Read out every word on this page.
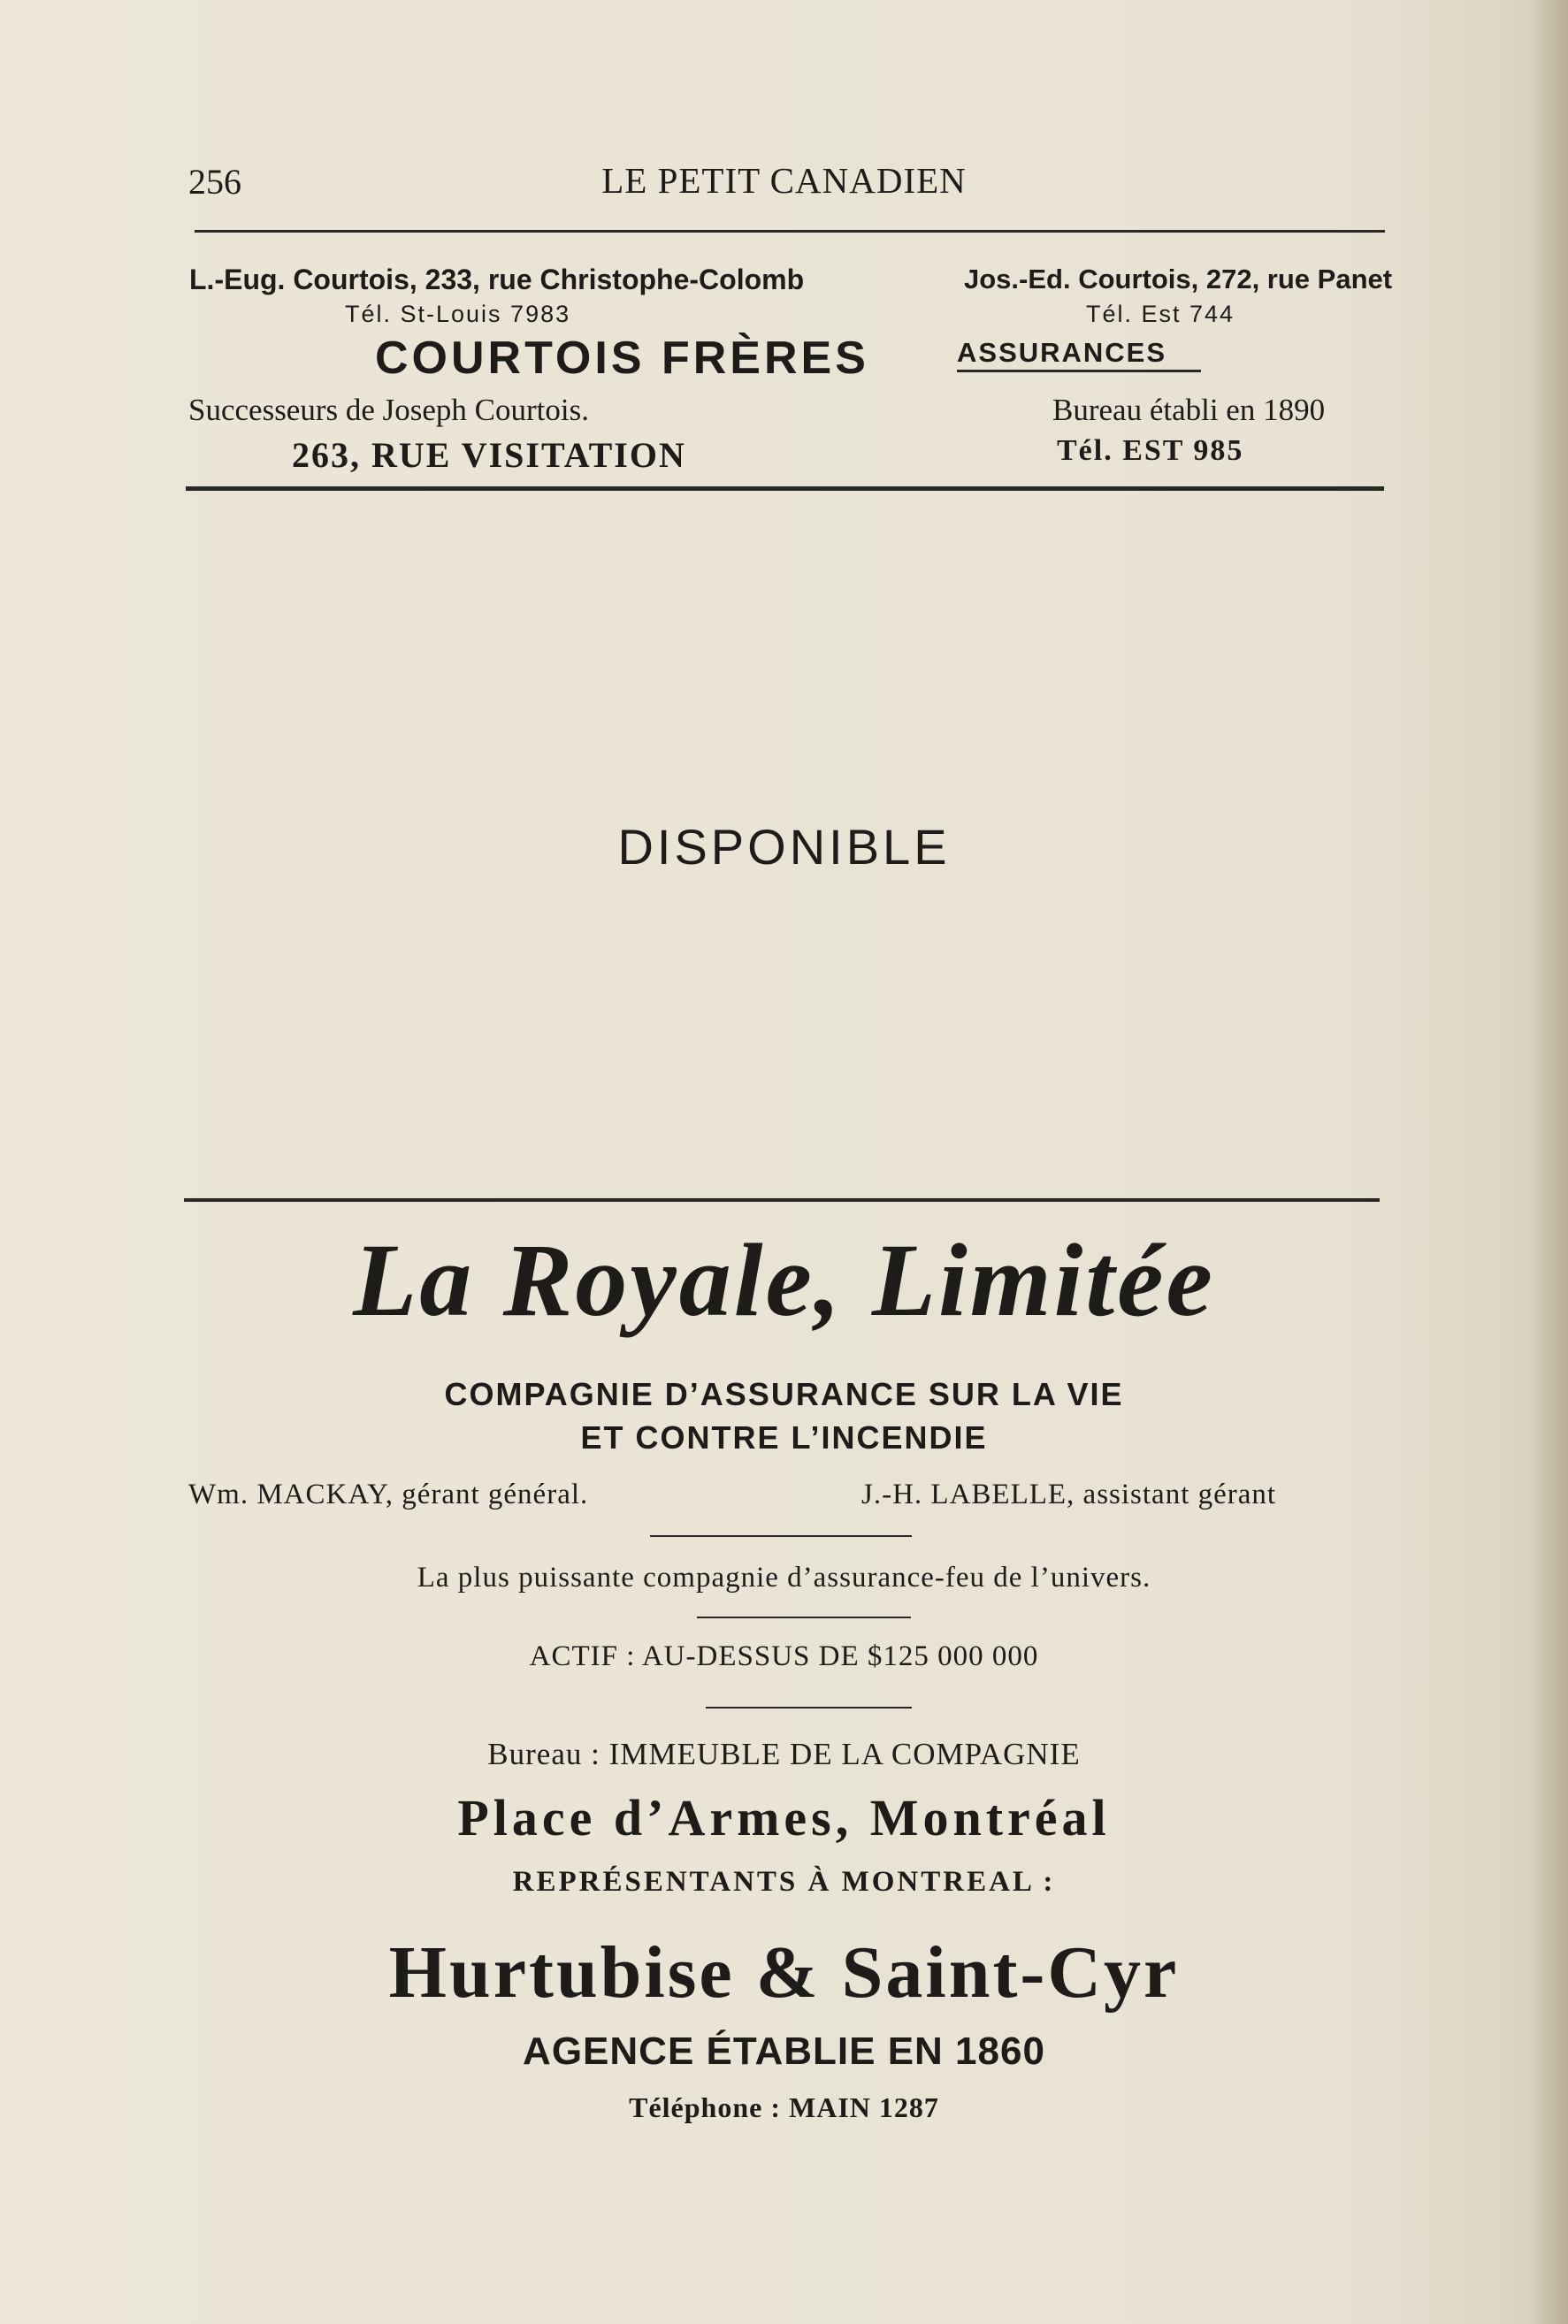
256	LE PETIT CANADIEN
L.-Eug. Courtois, 233, rue Christophe-Colomb
Tél. St-Louis 7983
Jos.-Ed. Courtois, 272, rue Panet
Tél. Est 744
COURTOIS FRÈRES	ASSURANCES
Successeurs de Joseph Courtois.	Bureau établi en 1890
263, RUE VISITATION	Tél. EST 985
DISPONIBLE
La Royale, Limitée
COMPAGNIE D’ASSURANCE SUR LA VIE
ET CONTRE L’INCENDIE
Wm. MACKAY, gérant général.	J.-H. LABELLE, assistant gérant
La plus puissante compagnie d’assurance-feu de l’univers.
ACTIF : AU-DESSUS DE $125 000 000
Bureau : IMMEUBLE DE LA COMPAGNIE
Place d’Armes, Montréal
REPRÉSENTANTS À MONTREAL :
Hurtubise & Saint-Cyr
AGENCE ÉTABLIE EN 1860
Téléphone : MAIN 1287
